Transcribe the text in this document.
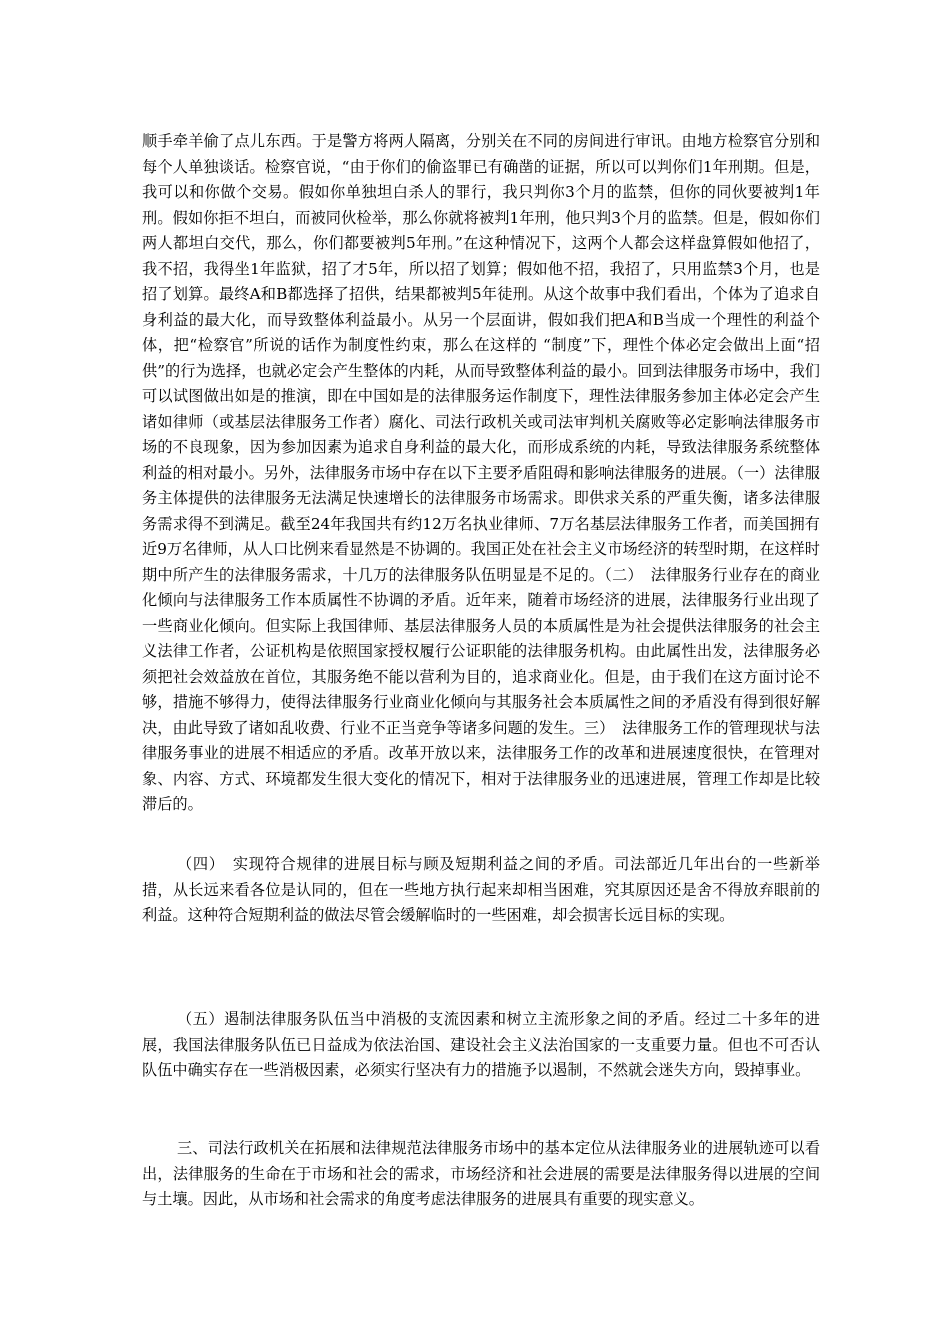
顺手牵羊偷了点儿东西。于是警方将两人隔离，分别关在不同的房间进行审讯。由地方检察官分别和每个人单独谈话。检察官说，“由于你们的偷盗罪已有确凿的证据，所以可以判你们1年刑期。但是，我可以和你做个交易。假如你单独坦白杀人的罪行，我只判你3个月的监禁，但你的同伙要被判1年刑。假如你拒不坦白，而被同伙检举，那么你就将被判1年刑，他只判3个月的监禁。但是，假如你们两人都坦白交代，那么，你们都要被判5年刑。”在这种情况下，这两个人都会这样盘算假如他招了，我不招，我得坐1年监狱，招了才5年，所以招了划算；假如他不招，我招了，只用监禁3个月，也是招了划算。最终A和B都选择了招供，结果都被判5年徒刑。从这个故事中我们看出，个体为了追求自身利益的最大化，而导致整体利益最小。从另一个层面讲，假如我们把A和B当成一个理性的利益个体，把“检察官”所说的话作为制度性约束，那么在这样的 “制度”下，理性个体必定会做出上面“招供”的行为选择，也就必定会产生整体的内耗，从而导致整体利益的最小。回到法律服务市场中，我们可以试图做出如是的推演，即在中国如是的法律服务运作制度下，理性法律服务参加主体必定会产生诸如律师（或基层法律服务工作者）腐化、司法行政机关或司法审判机关腐败等必定影响法律服务市场的不良现象，因为参加因素为追求自身利益的最大化，而形成系统的内耗，导致法律服务系统整体利益的相对最小。另外，法律服务市场中存在以下主要矛盾阻碍和影响法律服务的进展。（一）法律服务主体提供的法律服务无法满足快速增长的法律服务市场需求。即供求关系的严重失衡，诸多法律服务需求得不到满足。截至24年我国共有约12万名执业律师、7万名基层法律服务工作者，而美国拥有近9万名律师，从人口比例来看显然是不协调的。我国正处在社会主义市场经济的转型时期，在这样时期中所产生的法律服务需求，十几万的法律服务队伍明显是不足的。（二）　法律服务行业存在的商业化倾向与法律服务工作本质属性不协调的矛盾。近年来，随着市场经济的进展，法律服务行业出现了一些商业化倾向。但实际上我国律师、基层法律服务人员的本质属性是为社会提供法律服务的社会主义法律工作者，公证机构是依照国家授权履行公证职能的法律服务机构。由此属性出发，法律服务必须把社会效益放在首位，其服务绝不能以营利为目的，追求商业化。但是，由于我们在这方面讨论不够，措施不够得力，使得法律服务行业商业化倾向与其服务社会本质属性之间的矛盾没有得到很好解决，由此导致了诸如乱收费、行业不正当竞争等诸多问题的发生。三）　法律服务工作的管理现状与法律服务事业的进展不相适应的矛盾。改革开放以来，法律服务工作的改革和进展速度很快，在管理对象、内容、方式、环境都发生很大变化的情况下，相对于法律服务业的迅速进展，管理工作却是比较滞后的。

（四）　实现符合规律的进展目标与顾及短期利益之间的矛盾。司法部近几年出台的一些新举措，从长远来看各位是认同的，但在一些地方执行起来却相当困难，究其原因还是舍不得放弃眼前的利益。这种符合短期利益的做法尽管会缓解临时的一些困难，却会损害长远目标的实现。

（五）遏制法律服务队伍当中消极的支流因素和树立主流形象之间的矛盾。经过二十多年的进展，我国法律服务队伍已日益成为依法治国、建设社会主义法治国家的一支重要力量。但也不可否认队伍中确实存在一些消极因素，必须实行坚决有力的措施予以遏制，不然就会迷失方向，毁掉事业。

三、司法行政机关在拓展和法律规范法律服务市场中的基本定位从法律服务业的进展轨迹可以看出，法律服务的生命在于市场和社会的需求，市场经济和社会进展的需要是法律服务得以进展的空间与土壤。因此，从市场和社会需求的角度考虑法律服务的进展具有重要的现实意义。
